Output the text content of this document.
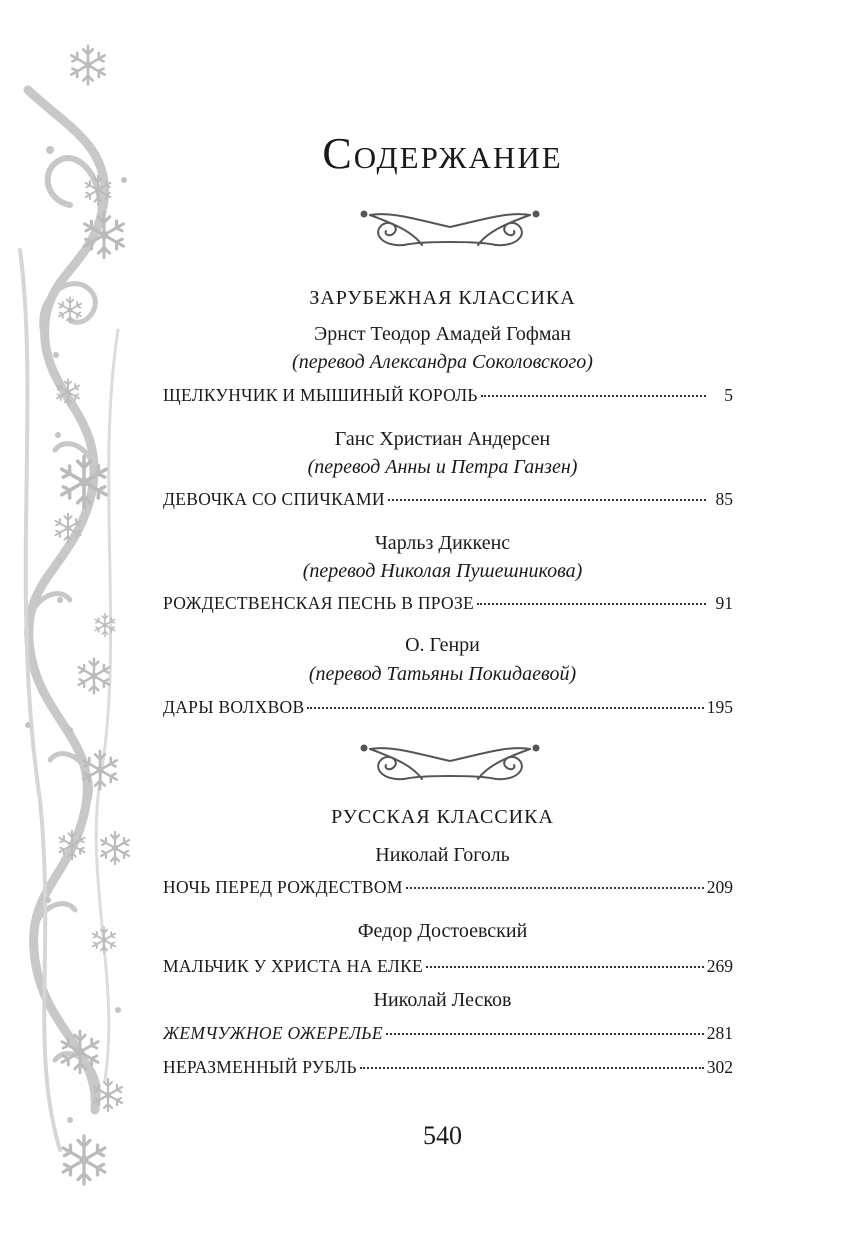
Содержание
ЗАРУБЕЖНАЯ КЛАССИКА
Эрнст Теодор Амадей Гофман
(перевод Александра Соколовского)
ЩЕЛКУНЧИК И МЫШИНЫЙ КОРОЛЬ	5
Ганс Христиан Андерсен
(перевод Анны и Петра Ганзен)
ДЕВОЧКА СО СПИЧКАМИ	85
Чарльз Диккенс
(перевод Николая Пушешникова)
РОЖДЕСТВЕНСКАЯ ПЕСНЬ В ПРОЗЕ	91
О. Генри
(перевод Татьяны Покидаевой)
ДАРЫ ВОЛХВОВ	195
РУССКАЯ КЛАССИКА
Николай Гоголь
НОЧЬ ПЕРЕД РОЖДЕСТВОМ	209
Федор Достоевский
МАЛЬЧИК У ХРИСТА НА ЕЛКЕ	269
Николай Лесков
ЖЕМЧУЖНОЕ ОЖЕРЕЛЬЕ	281
НЕРАЗМЕННЫЙ РУБЛЬ	302
540
